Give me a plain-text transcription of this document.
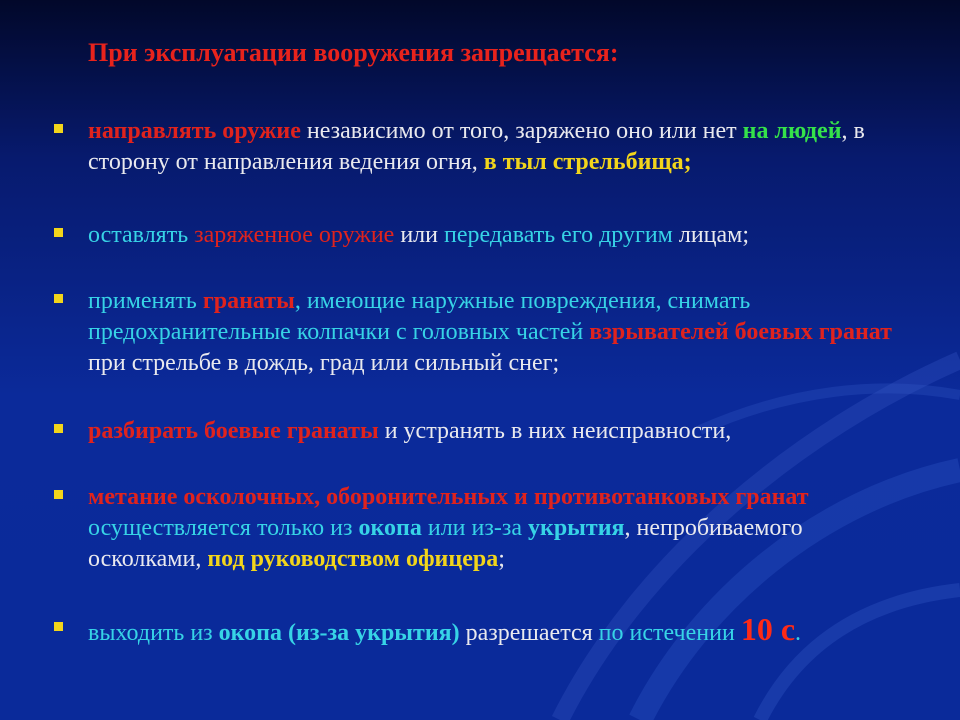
При эксплуатации вооружения запрещается:
направлять оружие независимо от того, заряжено оно или нет на людей, в сторону от направления ведения огня, в тыл стрельбища;
оставлять заряженное оружие или передавать его другим лицам;
применять гранаты, имеющие наружные повреждения, снимать предохранительные колпачки с головных частей взрывателей боевых гранат при стрельбе в дождь, град или сильный снег;
разбирать боевые гранаты и устранять в них неисправности,
метание осколочных, оборонительных и противотанковых гранат осуществляется только из окопа или из-за укрытия, непробиваемого осколками, под руководством офицера;
выходить из окопа (из-за укрытия) разрешается по истечении 10 с.
